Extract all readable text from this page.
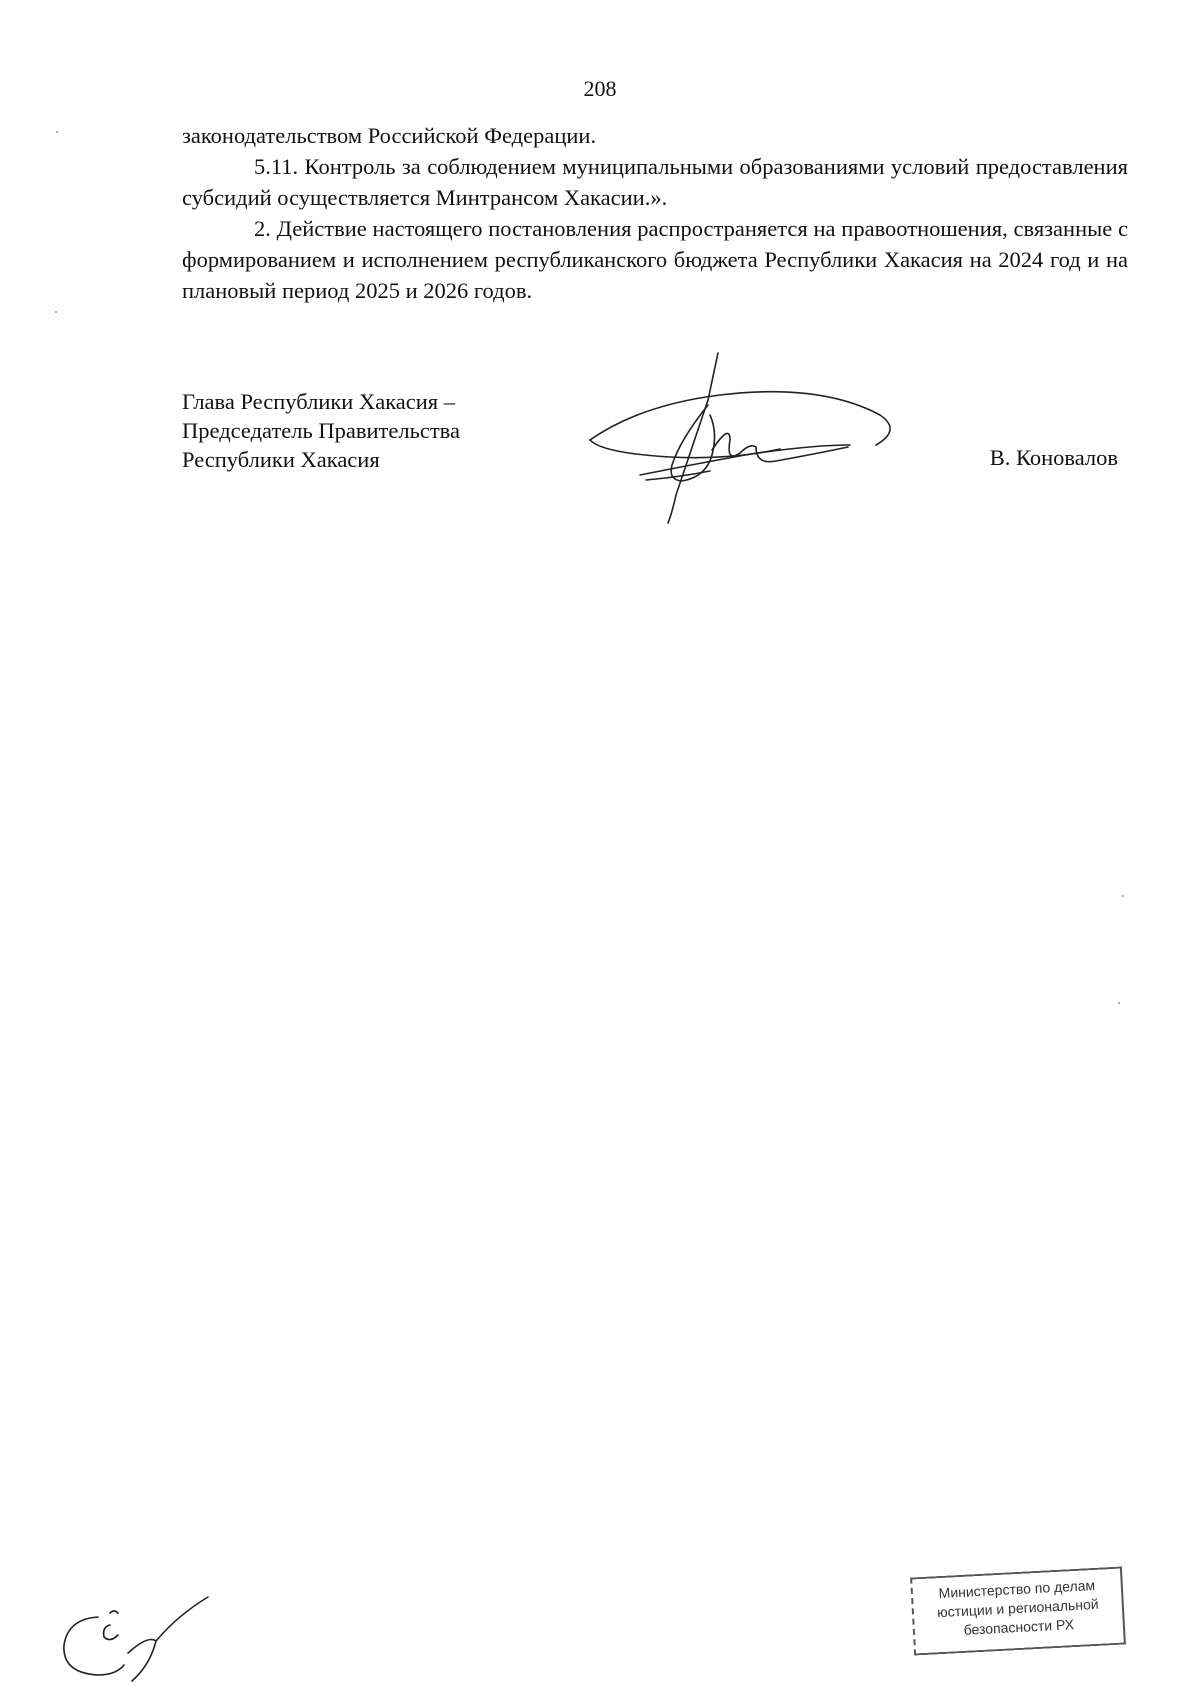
208

законодательством Российской Федерации.

5.11. Контроль за соблюдением муниципальными образованиями условий предоставления субсидий осуществляется Минтрансом Хакасии.».

2. Действие настоящего постановления распространяется на правоотношения, связанные с формированием и исполнением республиканского бюджета Республики Хакасия на 2024 год и на плановый период 2025 и 2026 годов.

Глава Республики Хакасия –
Председатель Правительства
Республики Хакасия	В. Коновалов
Министерство по делам
юстиции и региональной
безопасности РХ
